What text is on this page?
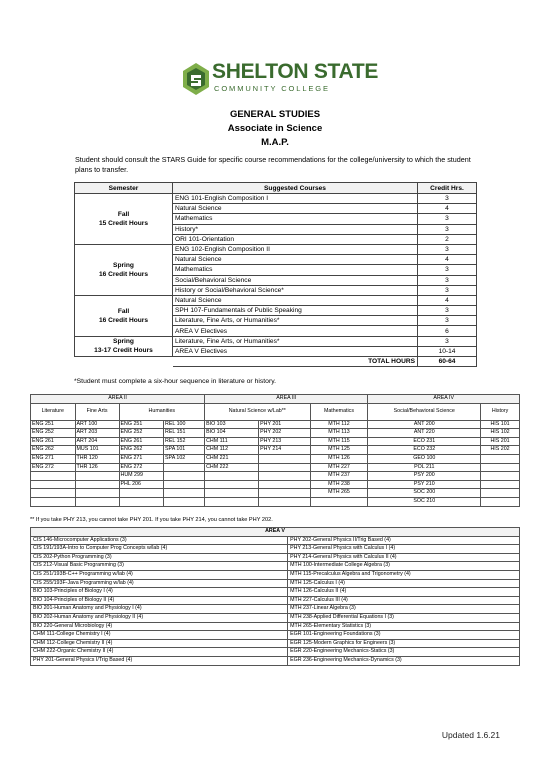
SHELTON STATE
COMMUNITY COLLEGE
GENERAL STUDIES
Associate in Science
M.A.P.
Student should consult the STARS Guide for specific course recommendations for the college/university to which the student plans to transfer.
Semester	Suggested Courses	Credit Hrs.

Fall
15 Credit Hours	ENG 101-English Composition I	3
	Natural Science	4
	Mathematics	3
	History*	3
	ORI 101-Orientation	2

Spring
16 Credit Hours	ENG 102-English Composition II	3
	Natural Science	4
	Mathematics	3
	Social/Behavioral Science	3
	History or Social/Behavioral Science*	3

Fall
16 Credit Hours	Natural Science	4
	SPH 107-Fundamentals of Public Speaking	3
	Literature, Fine Arts, or Humanities*	3
	AREA V Electives	6

Spring
13-17 Credit Hours	Literature, Fine Arts, or Humanities*	3
	AREA V Electives	10-14
	TOTAL HOURS	60-64
*Student must complete a six-hour sequence in literature or history.
AREA II				AREA III			AREA IV	
Literature	Fine Arts	Humanities		Natural Science w/Lab**		Mathematics	Social/Behavioral Science	History
ENG 251	ART 100	ENG 251	REL 100	BIO 103	PHY 201	MTH 112	ANT 200	HIS 101
ENG 252	ART 203	ENG 252	REL 151	BIO 104	PHY 202	MTH 113	ANT 220	HIS 102
ENG 261	ART 204	ENG 261	REL 152	CHM 111	PHY 213	MTH 115	ECO 231	HIS 201
ENG 262	MUS 101	ENG 262	SPA 101	CHM 112	PHY 214	MTH 125	ECO 232	HIS 202
ENG 271	THR 120	ENG 271	SPA 102	CHM 221		MTH 126	GEO 100	
ENG 272	THR 126	ENG 272		CHM 222		MTH 227	POL 211	
		HUM 299				MTH 237	PSY 200	
		PHL 206				MTH 238	PSY 210	
						MTH 265	SOC 200	
							SOC 210	
** If you take PHY 213, you cannot take PHY 201. If you take PHY 214, you cannot take PHY 202.
AREA V	
CIS 146-Microcomputer Applications (3)	PHY 202-General Physics II/Trig Based (4)
CIS 191/193A-Intro to Computer Prog Concepts w/lab (4)	PHY 213-General Physics with Calculus I (4)
CIS 202-Python Programming (3)	PHY 214-General Physics with Calculus II (4)
CIS 212-Visual Basic Programming (3)	MTH 100-Intermediate College Algebra (3)
CIS 251/193B-C++ Programming w/lab (4)	MTH 115-Precalculus Algebra and Trigonometry (4)
CIS 255/193F-Java Programming w/lab (4)	MTH 125-Calculus I (4)
BIO 103-Principles of Biology I (4)	MTH 126-Calculus II (4)
BIO 104-Principles of Biology II (4)	MTH 227-Calculus III (4)
BIO 201-Human Anatomy and Physiology I (4)	MTH 237-Linear Algebra (3)
BIO 202-Human Anatomy and Physiology II (4)	MTH 238-Applied Differential Equations I (3)
BIO 220-General Microbiology (4)	MTH 265-Elementary Statistics (3)
CHM 111-College Chemistry I (4)	EGR 101-Engineering Foundations (3)
CHM 112-College Chemistry II (4)	EGR 125-Modern Graphics for Engineers (3)
CHM 222-Organic Chemistry II (4)	EGR 220-Engineering Mechanics-Statics (3)
PHY 201-General Physics I/Trig Based (4)	EGR 236-Engineering Mechanics-Dynamics (3)
Updated 1.6.21
